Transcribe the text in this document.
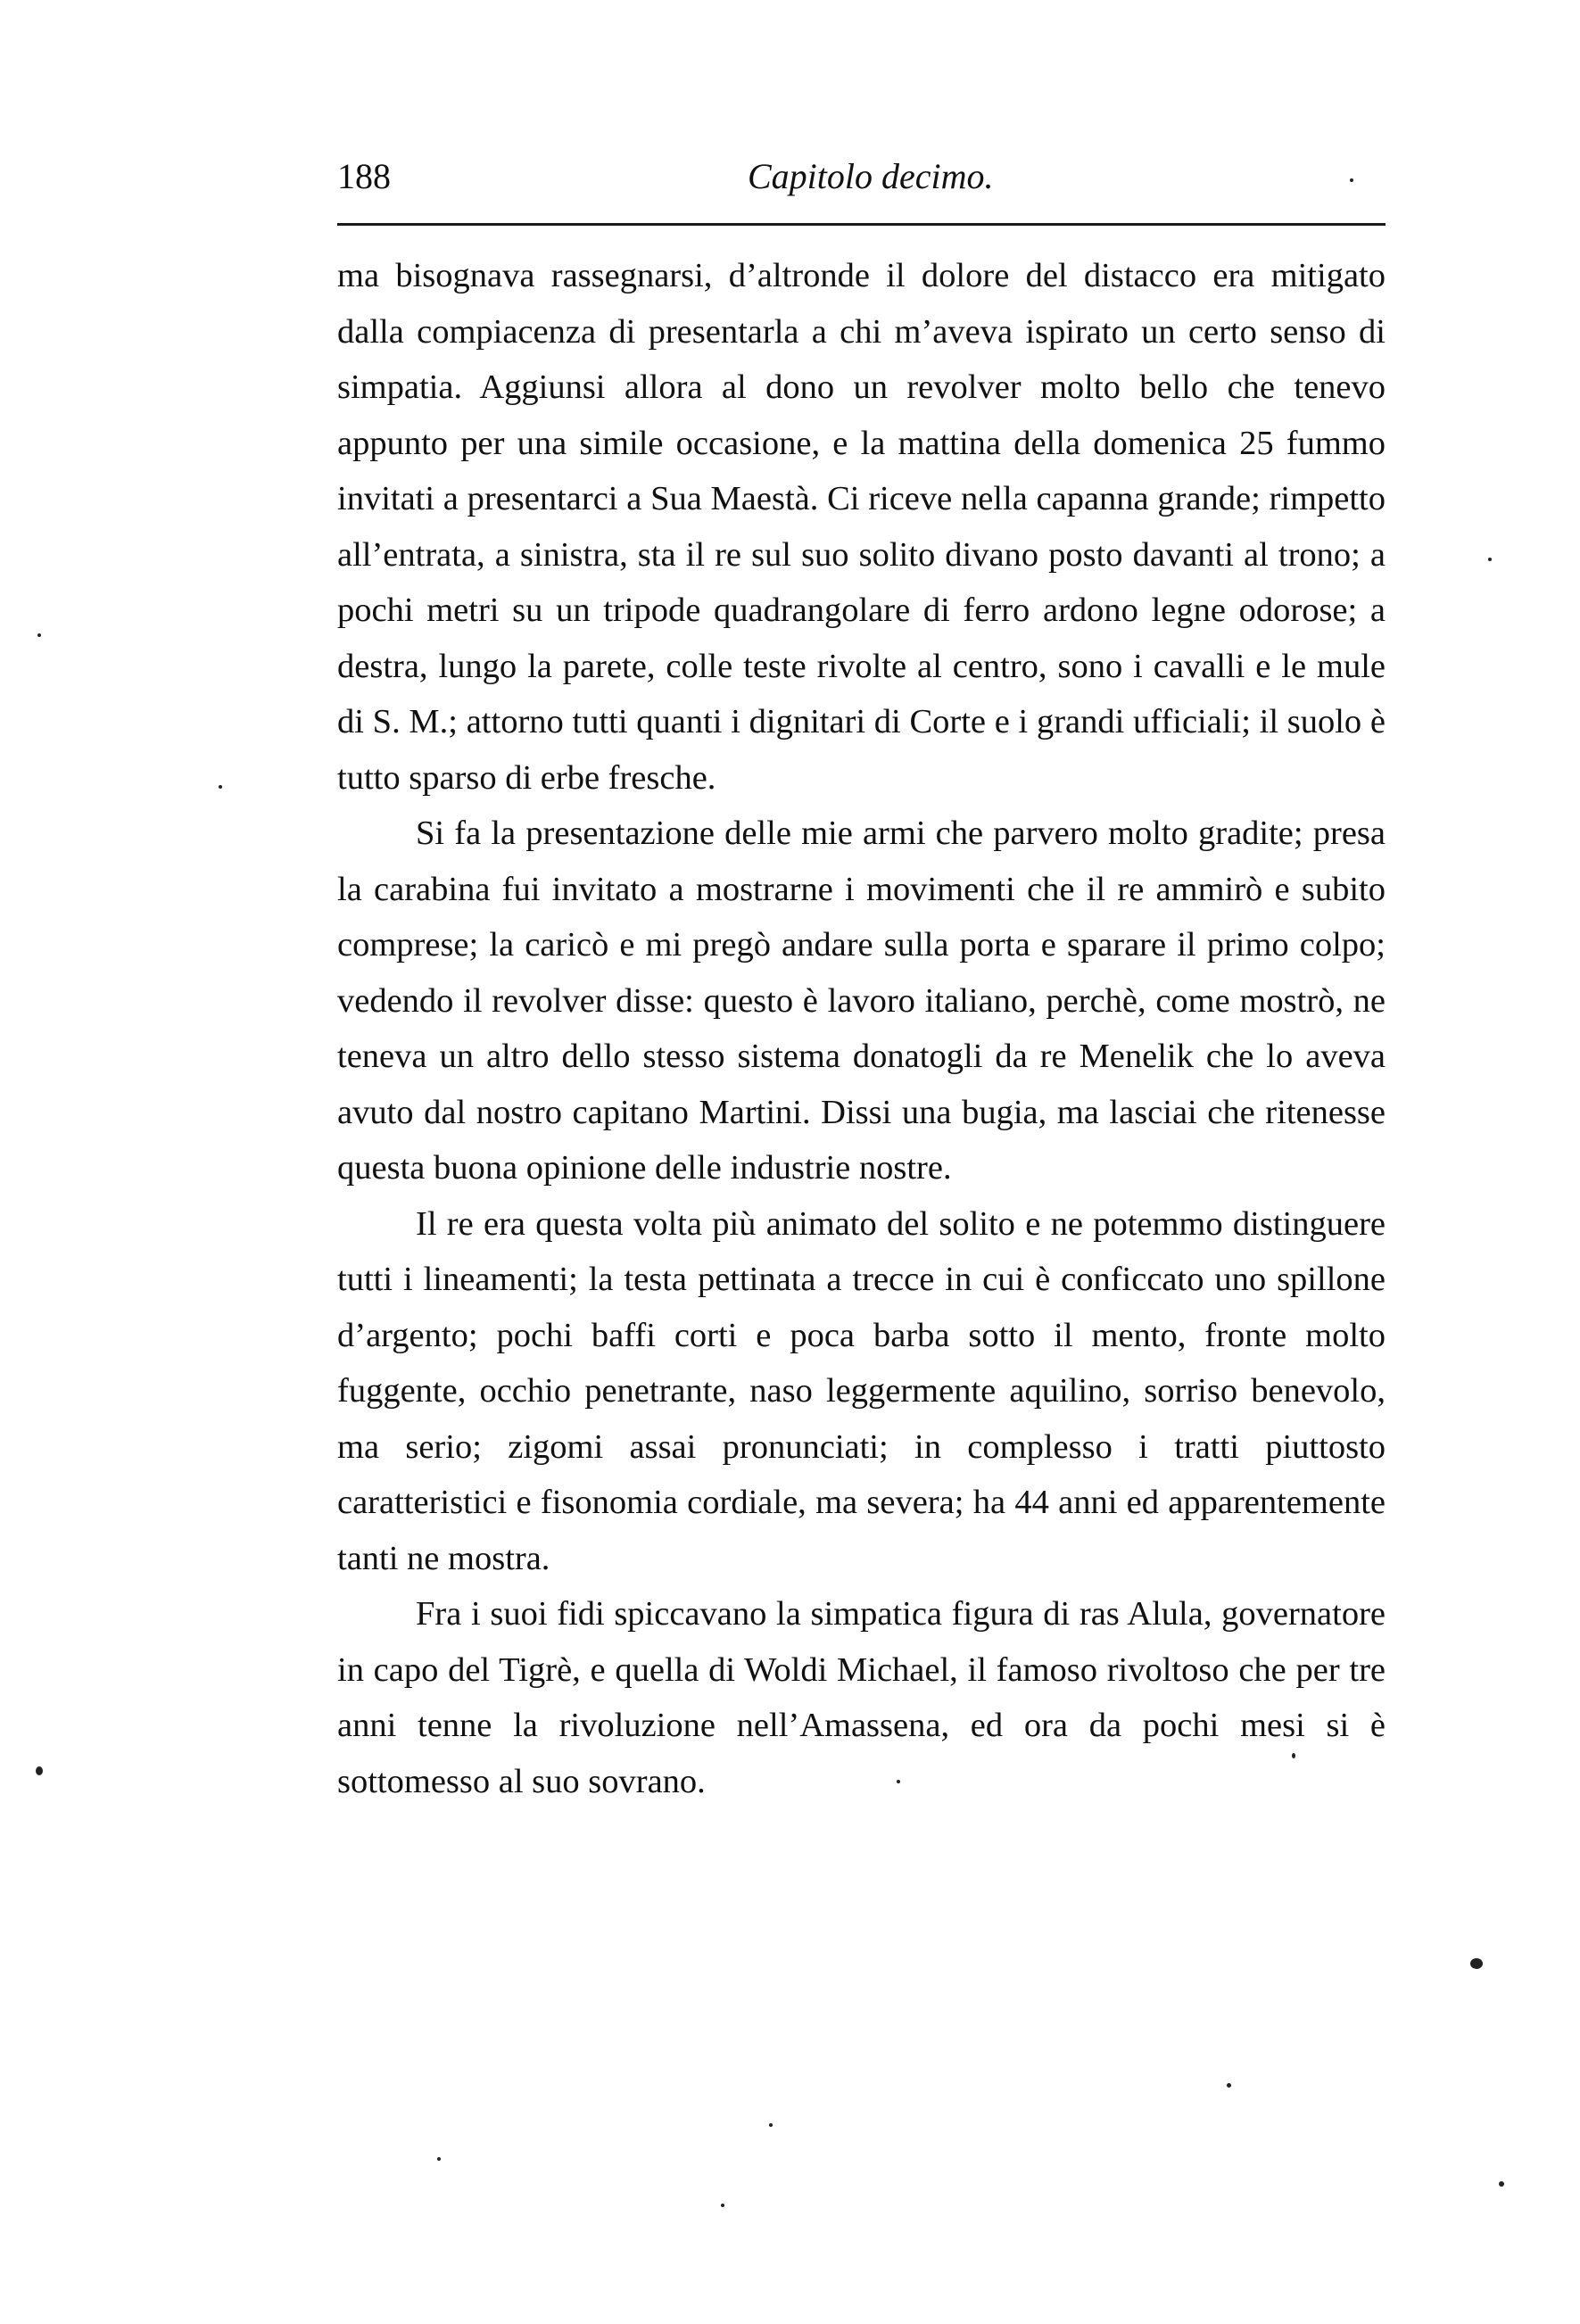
188	Capitolo decimo.

ma bisognava rassegnarsi, d’altronde il dolore del distacco era mitigato dalla compiacenza di presentarla a chi m’aveva ispirato un certo senso di simpatia. Aggiunsi allora al dono un revolver molto bello che tenevo appunto per una simile occasione, e la mattina della domenica 25 fummo invitati a presentarci a Sua Maestà. Ci riceve nella capanna grande; rimpetto all’entrata, a sinistra, sta il re sul suo solito divano posto davanti al trono; a pochi metri su un tripode quadrangolare di ferro ardono legne odorose; a destra, lungo la parete, colle teste rivolte al centro, sono i cavalli e le mule di S. M.; attorno tutti quanti i dignitari di Corte e i grandi ufficiali; il suolo è tutto sparso di erbe fresche.

Si fa la presentazione delle mie armi che parvero molto gradite; presa la carabina fui invitato a mostrarne i movimenti che il re ammirò e subito comprese; la caricò e mi pregò andare sulla porta e sparare il primo colpo; vedendo il revolver disse: questo è lavoro italiano, perchè, come mostrò, ne teneva un altro dello stesso sistema donatogli da re Menelik che lo aveva avuto dal nostro capitano Martini. Dissi una bugia, ma lasciai che ritenesse questa buona opinione delle industrie nostre.

Il re era questa volta più animato del solito e ne potemmo distinguere tutti i lineamenti; la testa pettinata a trecce in cui è conficcato uno spillone d’argento; pochi baffi corti e poca barba sotto il mento, fronte molto fuggente, occhio penetrante, naso leggermente aquilino, sorriso benevolo, ma serio; zigomi assai pronunciati; in complesso i tratti piuttosto caratteristici e fisonomia cordiale, ma severa; ha 44 anni ed apparentemente tanti ne mostra.

Fra i suoi fidi spiccavano la simpatica figura di ras Alula, governatore in capo del Tigrè, e quella di Woldi Michael, il famoso rivoltoso che per tre anni tenne la rivoluzione nell’Amassena, ed ora da pochi mesi si è sottomesso al suo sovrano.
